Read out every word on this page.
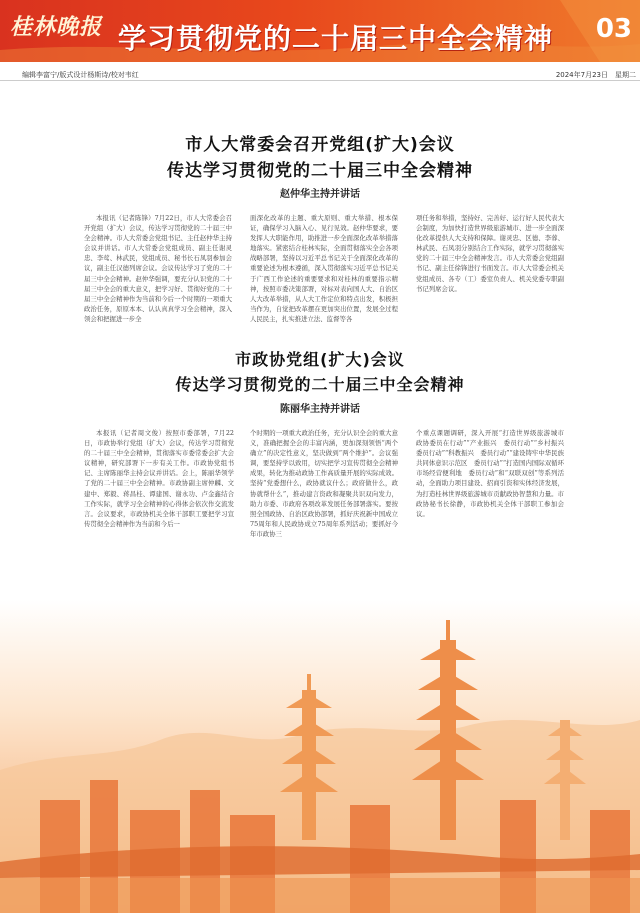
桂林晚报 学习贯彻党的二十届三中全会精神 03
编辑李富宁/版式设计杨斯诗/校对韦红	2024年7月23日　星期二
市人大常委会召开党组(扩大)会议
传达学习贯彻党的二十届三中全会精神
赵仲华主持并讲话

本报讯（记者陈锋）7月22日，市人大常委会召开党组（扩大）会议，传达学习贯彻党的二十届三中全会精神。市人大常委会党组书记、主任赵仲华主持会议并讲话。市人大常委会党组成员、副主任谢灵忠、李莺、林武民，党组成员、秘书长石凤羽参加会议，副主任汉德列席会议。会议传达学习了党的二十届三中全会精神。赵仲华强调，要充分认识党的二十届三中全会的重大意义，把学习好、贯彻好党的二十届三中全会精神作为当前和今后一个时期的一项重大政治任务，原原本本、认认真真学习全会精神，深入领会和把握进一步全

面深化改革的主题、重大原则、重大举措、根本保证，确保学习入脑入心、见行见效。赵仲华要求，要发挥人大职能作用，助推进一步全面深化改革举措落地落实。紧密结合桂林实际，全面贯彻落实全会各项战略部署，坚持以习近平总书记关于全面深化改革的重要论述为根本遵循，深入贯彻落实习近平总书记关于广西工作论述的重要要求和对桂林的重要指示精神，按照市委决策部署，对标对表向国人大、自治区人大改革举措，从人大工作定位和特点出发，积极担当作为，自觉把改革摆在更加突出位置，发展全过程人民民主，扎实推进立法、监督等各

项任务和举措，坚持好、完善好、运行好人民代表大会制度，为加快打造世界级旅游城市、进一步全面深化改革提供人大支持和保障。谢灵忠、区德、李蓉、林武民、石凤羽分别结合工作实际，就学习贯彻落实党的二十届三中全会精神发言。市人大常委会党组副书记、副主任徐锋进行书面发言。市人大常委会机关党组成员、各专（工）委室负责人、机关党委专职副书记列席会议。

市政协党组(扩大)会议
传达学习贯彻党的二十届三中全会精神
陈丽华主持并讲话

本报讯（记者周文俊）按照市委部署，7月22日，市政协举行党组（扩大）会议，传达学习贯彻党的二十届三中全会精神，贯彻落实市委常委会扩大会议精神，研究部署下一步有关工作。市政协党组书记、主席陈丽华主持会议并讲话。会上，陈丽华领学了党的二十届三中全会精神。市政协副主席仲麟、文建中、郑毅、蒋昌桂、谭建国、谢永功、卢金鑫结合工作实际，就学习全会精神的心得体会依次作交流发言。会议要求，市政协机关全体干部职工要把学习宣传贯彻全会精神作为当前和今后一

个时期的一项重大政治任务，充分认识全会的重大意义，准确把握全会的丰富内涵，更加深刻领悟“两个确立”的决定性意义，坚决做到“两个维护”。会议强调，要坚持学以致用，切实把学习宣传贯彻全会精神成果，转化为推动政协工作高质量开展的实际成效。坚持“党委想什么，政协就议什么；政府做什么，政协就帮什么”，推动建言资政和凝聚共识双向发力，助力市委、市政府各项改革发展任务部署落实。要按照全国政协、自治区政协部署，抓好庆祝新中国成立75周年和人民政协成立75周年系列活动；要抓好今年市政协三

个重点课题调研，深入开展“打造世界级旅游城市　政协委员在行动”“产业振兴　委员行动”“乡村振兴　委员行动”“科教振兴　委员行动”“建设铸牢中华民族共同体意识示范区　委员行动”“打造国内国际双循环市场经营便利地　委员行动”和“双联双创”等系列活动，全面助力项目建设、招商引资和实体经济发展，为打造桂林世界级旅游城市贡献政协智慧和力量。市政协秘书长徐静，市政协机关全体干部职工参加会议。
